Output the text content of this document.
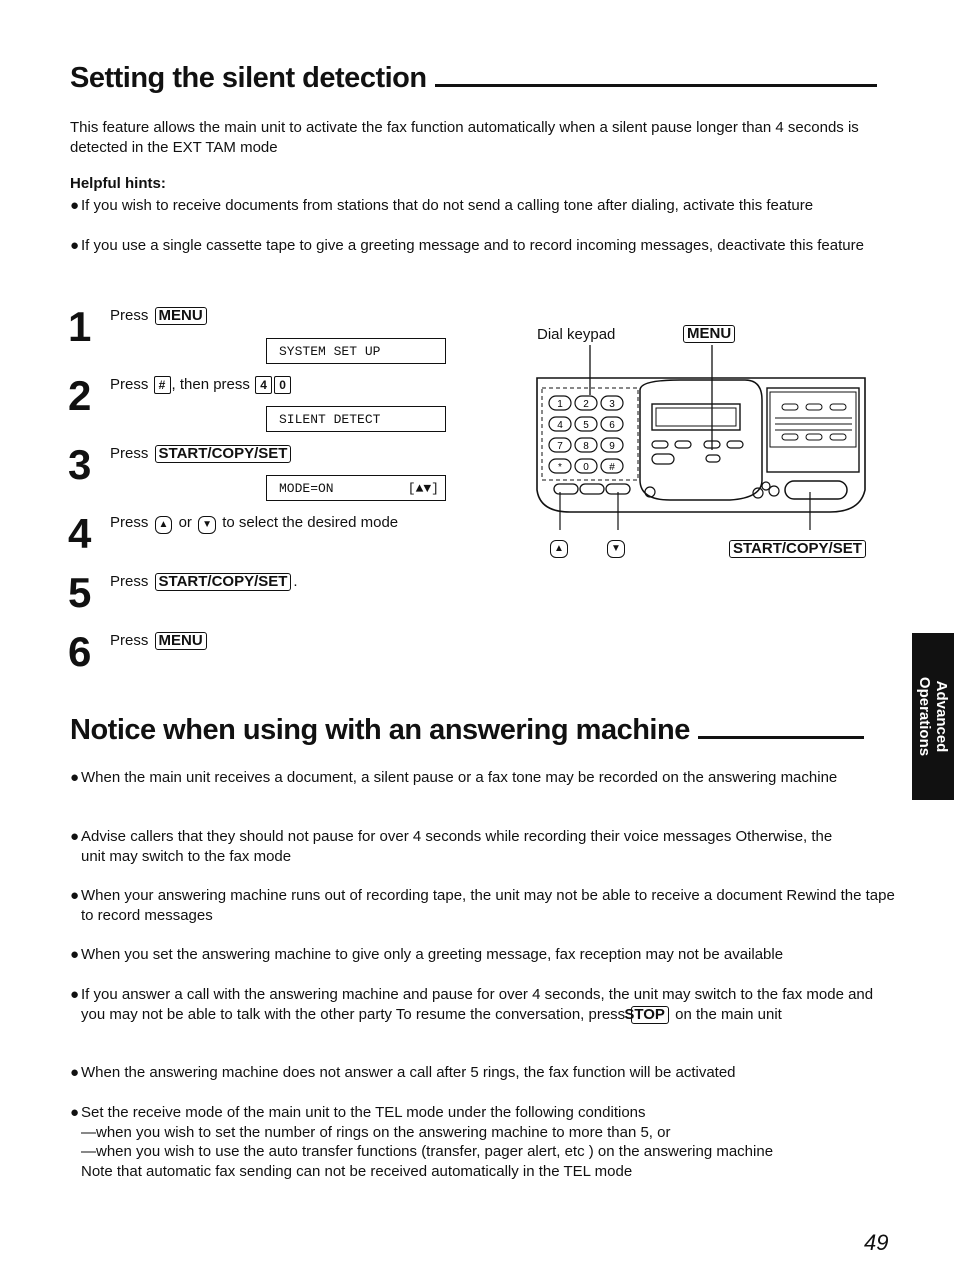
Setting the silent detection
This feature allows the main unit to activate the fax function automatically when a silent pause longer than 4 seconds is detected in the EXT TAM mode
Helpful hints:
● If you wish to receive documents from stations that do not send a calling tone after dialing, activate this feature
● If you use a single cassette tape to give a greeting message and to record incoming messages, deactivate this feature
1 Press MENU
SYSTEM SET UP
2 Press # , then press 4 0
SILENT DETECT
3 Press START/COPY/SET
MODE=ON	[▲▼]
4 Press ▲ or ▼ to select the desired mode
5 Press START/COPY/SET .
6 Press MENU
Dial keypad	MENU
1 2 3
4 5 6
7 8 9
* 0 #
▲	▼	START/COPY/SET
Notice when using with an answering machine
● When the main unit receives a document, a silent pause or a fax tone may be recorded on the answering machine
● Advise callers that they should not pause for over 4 seconds while recording their voice messages Otherwise, the unit may switch to the fax mode
● When your answering machine runs out of recording tape, the unit may not be able to receive a document Rewind the tape to record messages
● When you set the answering machine to give only a greeting message, fax reception may not be available
● If you answer a call with the answering machine and pause for over 4 seconds, the unit may switch to the fax mode and you may not be able to talk with the other party To resume the conversation, press STOP on the main unit
● When the answering machine does not answer a call after 5 rings, the fax function will be activated
● Set the receive mode of the main unit to the TEL mode under the following conditions
—when you wish to set the number of rings on the answering machine to more than 5, or
—when you wish to use the auto transfer functions (transfer, pager alert, etc ) on the answering machine
Note that automatic fax sending can not be received automatically in the TEL mode
Advanced
Operations
49
